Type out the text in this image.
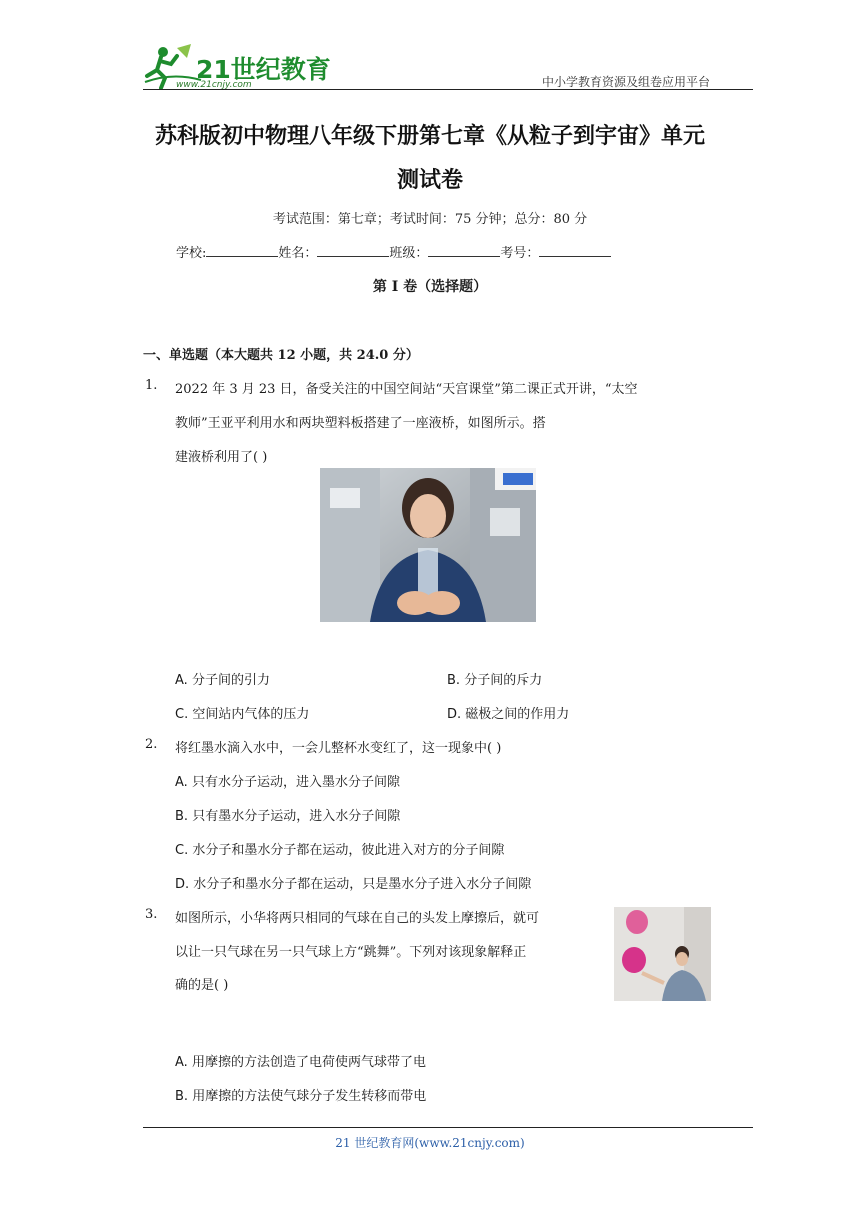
21世纪教育
www.21cnjy.com	中小学教育资源及组卷应用平台
苏科版初中物理八年级下册第七章《从粒子到宇宙》单元
测试卷
考试范围：第七章；考试时间：75 分钟；总分：80 分
学校:	姓名：	班级：	考号：
第 I 卷（选择题）
一、单选题（本大题共 12 小题，共 24.0 分）
1. 2022 年 3 月 23 日，备受关注的中国空间站“天宫课堂”第二课正式开讲，“太空
教师”王亚平利用水和两块塑料板搭建了一座液桥，如图所示。搭
建液桥利用了( )
A. 分子间的引力	B. 分子间的斥力
C. 空间站内气体的压力	D. 磁极之间的作用力
2. 将红墨水滴入水中，一会儿整杯水变红了，这一现象中( )
A. 只有水分子运动，进入墨水分子间隙
B. 只有墨水分子运动，进入水分子间隙
C. 水分子和墨水分子都在运动，彼此进入对方的分子间隙
D. 水分子和墨水分子都在运动，只是墨水分子进入水分子间隙
3. 如图所示，小华将两只相同的气球在自己的头发上摩擦后，就可
以让一只气球在另一只气球上方“跳舞”。下列对该现象解释正
确的是( )
A. 用摩擦的方法创造了电荷使两气球带了电
B. 用摩擦的方法使气球分子发生转移而带电
21 世纪教育网(www.21cnjy.com)
